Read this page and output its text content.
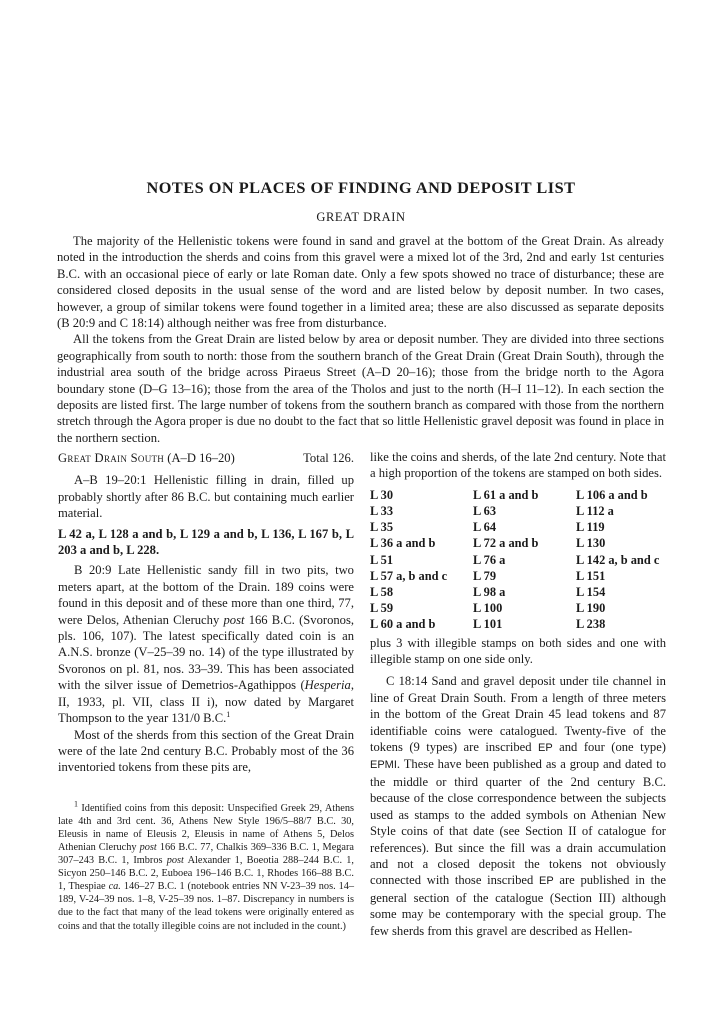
NOTES ON PLACES OF FINDING AND DEPOSIT LIST
GREAT DRAIN

The majority of the Hellenistic tokens were found in sand and gravel at the bottom of the Great Drain. As already noted in the introduction the sherds and coins from this gravel were a mixed lot of the 3rd, 2nd and early 1st centuries B.C. with an occasional piece of early or late Roman date. Only a few spots showed no trace of disturbance; these are considered closed deposits in the usual sense of the word and are listed below by deposit number. In two cases, however, a group of similar tokens were found together in a limited area; these are also discussed as separate deposits (B 20:9 and C 18:14) although neither was free from disturbance.

All the tokens from the Great Drain are listed below by area or deposit number. They are divided into three sections geographically from south to north: those from the southern branch of the Great Drain (Great Drain South), through the industrial area south of the bridge across Piraeus Street (A–D 20–16); those from the bridge north to the Agora boundary stone (D–G 13–16); those from the area of the Tholos and just to the north (H–I 11–12). In each section the deposits are listed first. The large number of tokens from the southern branch as compared with those from the northern stretch through the Agora proper is due no doubt to the fact that so little Hellenistic gravel deposit was found in place in the northern section.

Great Drain South (A–D 16–20)	Total 126.

A–B 19–20:1 Hellenistic filling in drain, filled up probably shortly after 86 B.C. but containing much earlier material.

L 42 a, L 128 a and b, L 129 a and b, L 136, L 167 b, L 203 a and b, L 228.

B 20:9 Late Hellenistic sandy fill in two pits, two meters apart, at the bottom of the Drain. 189 coins were found in this deposit and of these more than one third, 77, were Delos, Athenian Cleruchy post 166 B.C. (Svoronos, pls. 106, 107). The latest specifically dated coin is an A.N.S. bronze (V–25–39 no. 14) of the type illustrated by Svoronos on pl. 81, nos. 33–39. This has been associated with the silver issue of Demetrios-Agathippos (Hesperia, II, 1933, pl. VII, class II i), now dated by Margaret Thompson to the year 131/0 B.C.$^1$

Most of the sherds from this section of the Great Drain were of the late 2nd century B.C. Probably most of the 36 inventoried tokens from these pits are,

$^1$ Identified coins from this deposit: Unspecified Greek 29, Athens late 4th and 3rd cent. 36, Athens New Style 196/5–88/7 B.C. 30, Eleusis in name of Eleusis 2, Eleusis in name of Athens 5, Delos Athenian Cleruchy post 166 B.C. 77, Chalkis 369–336 B.C. 1, Megara 307–243 B.C. 1, Imbros post Alexander 1, Boeotia 288–244 B.C. 1, Sicyon 250–146 B.C. 2, Euboea 196–146 B.C. 1, Rhodes 166–88 B.C. 1, Thespiae ca. 146–27 B.C. 1 (notebook entries NN V-23–39 nos. 14–189, V-24–39 nos. 1–8, V-25–39 nos. 1–87. Discrepancy in numbers is due to the fact that many of the lead tokens were originally entered as coins and that the totally illegible coins are not included in the count.)

like the coins and sherds, of the late 2nd century. Note that a high proportion of the tokens are stamped on both sides.

L 30	L 61 a and b	L 106 a and b
L 33	L 63	L 112 a
L 35	L 64	L 119
L 36 a and b	L 72 a and b	L 130
L 51	L 76 a	L 142 a, b and c
L 57 a, b and c	L 79	L 151
L 58	L 98 a	L 154
L 59	L 100	L 190
L 60 a and b	L 101	L 238

plus 3 with illegible stamps on both sides and one with illegible stamp on one side only.

C 18:14 Sand and gravel deposit under tile channel in line of Great Drain South. From a length of three meters in the bottom of the Great Drain 45 lead tokens and 87 identifiable coins were catalogued. Twenty-five of the tokens (9 types) are inscribed EP and four (one type) EPMI. These have been published as a group and dated to the middle or third quarter of the 2nd century B.C. because of the close correspondence between the subjects used as stamps to the added symbols on Athenian New Style coins of that date (see Section II of catalogue for references). But since the fill was a drain accumulation and not a closed deposit the tokens not obviously connected with those inscribed EP are published in the general section of the catalogue (Section III) although some may be contemporary with the special group. The few sherds from this gravel are described as Hellen-
